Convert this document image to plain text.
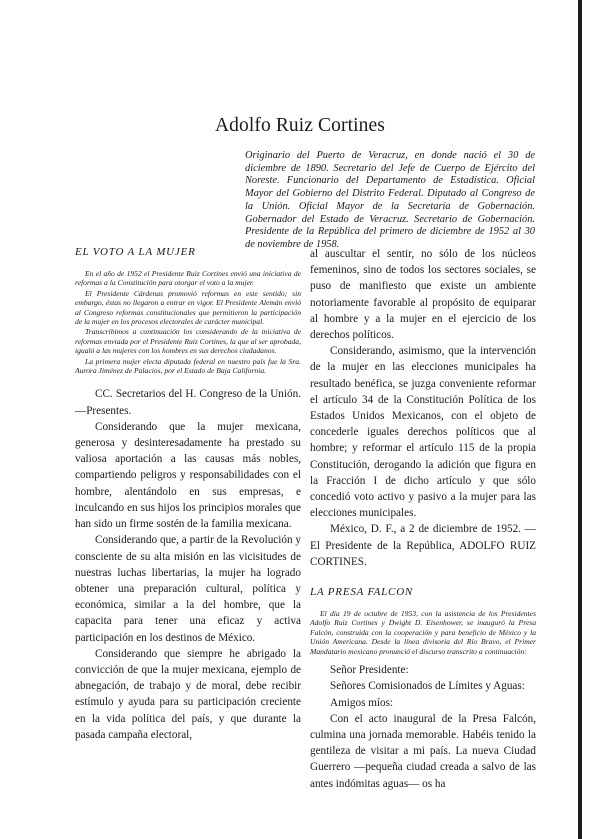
Adolfo Ruiz Cortines
Originario del Puerto de Veracruz, en donde nació el 30 de diciembre de 1890. Secretario del Jefe de Cuerpo de Ejército del Noreste. Funcionario del Departamento de Estadística. Oficial Mayor del Gobierno del Distrito Federal. Diputado al Congreso de la Unión. Oficial Mayor de la Secretaría de Gobernación. Gobernador del Estado de Veracruz. Secretario de Gobernación. Presidente de la República del primero de diciembre de 1952 al 30 de noviembre de 1958.
EL VOTO A LA MUJER

En el año de 1952 el Presidente Ruiz Cortines envió una iniciativa de reformas a la Constitución para otorgar el voto a la mujer.

El Presidente Cárdenas promovió reformas en este sentido; sin embargo, éstas no llegaron a entrar en vigor. El Presidente Alemán envió al Congreso reformas constitucionales que permitieron la participación de la mujer en los procesos electorales de carácter municipal.

Transcribimos a continuación los considerando de la iniciativa de reformas enviada por el Presidente Ruiz Cortines, la que al ser aprobada, igualó a las mujeres con los hombres en sus derechos ciudadanos.

La primera mujer electa diputada federal en nuestro país fue la Sra. Aurora Jiménez de Palacios, por el Estado de Baja California.

CC. Secretarios del H. Congreso de la Unión.—Presentes.

Considerando que la mujer mexicana, generosa y desinteresadamente ha prestado su valiosa aportación a las causas más nobles, compartiendo peligros y responsabilidades con el hombre, alentándolo en sus empresas, e inculcando en sus hijos los principios morales que han sido un firme sostén de la familia mexicana.

Considerando que, a partir de la Revolución y consciente de su alta misión en las vicisitudes de nuestras luchas libertarias, la mujer ha logrado obtener una preparación cultural, política y económica, similar a la del hombre, que la capacita para tener una eficaz y activa participación en los destinos de México.

Considerando que siempre he abrigado la convicción de que la mujer mexicana, ejemplo de abnegación, de trabajo y de moral, debe recibir estímulo y ayuda para su participación creciente en la vida política del país, y que durante la pasada campaña electoral,

al auscultar el sentir, no sólo de los núcleos femeninos, sino de todos los sectores sociales, se puso de manifiesto que existe un ambiente notoriamente favorable al propósito de equiparar al hombre y a la mujer en el ejercicio de los derechos políticos.

Considerando, asimismo, que la intervención de la mujer en las elecciones municipales ha resultado benéfica, se juzga conveniente reformar el artículo 34 de la Constitución Política de los Estados Unidos Mexicanos, con el objeto de concederle iguales derechos políticos que al hombre; y reformar el artículo 115 de la propia Constitución, derogando la adición que figura en la Fracción I de dicho artículo y que sólo concedió voto activo y pasivo a la mujer para las elecciones municipales.

México, D. F., a 2 de diciembre de 1952. —El Presidente de la República, ADOLFO RUIZ CORTINES.

LA PRESA FALCON
El día 19 de octubre de 1953, con la asistencia de los Presidentes Adolfo Ruiz Cortines y Dwight D. Eisenhower, se inauguró la Presa Falcón, construida con la cooperación y para beneficio de México y la Unión Americana. Desde la línea divisoria del Río Bravo, el Primer Mandatario mexicano pronunció el discurso transcrito a continuación:

Señor Presidente:

Señores Comisionados de Límites y Aguas:

Amigos míos:

Con el acto inaugural de la Presa Falcón, culmina una jornada memorable. Habéis tenido la gentileza de visitar a mi país. La nueva Ciudad Guerrero —pequeña ciudad creada a salvo de las antes indómitas aguas— os ha
